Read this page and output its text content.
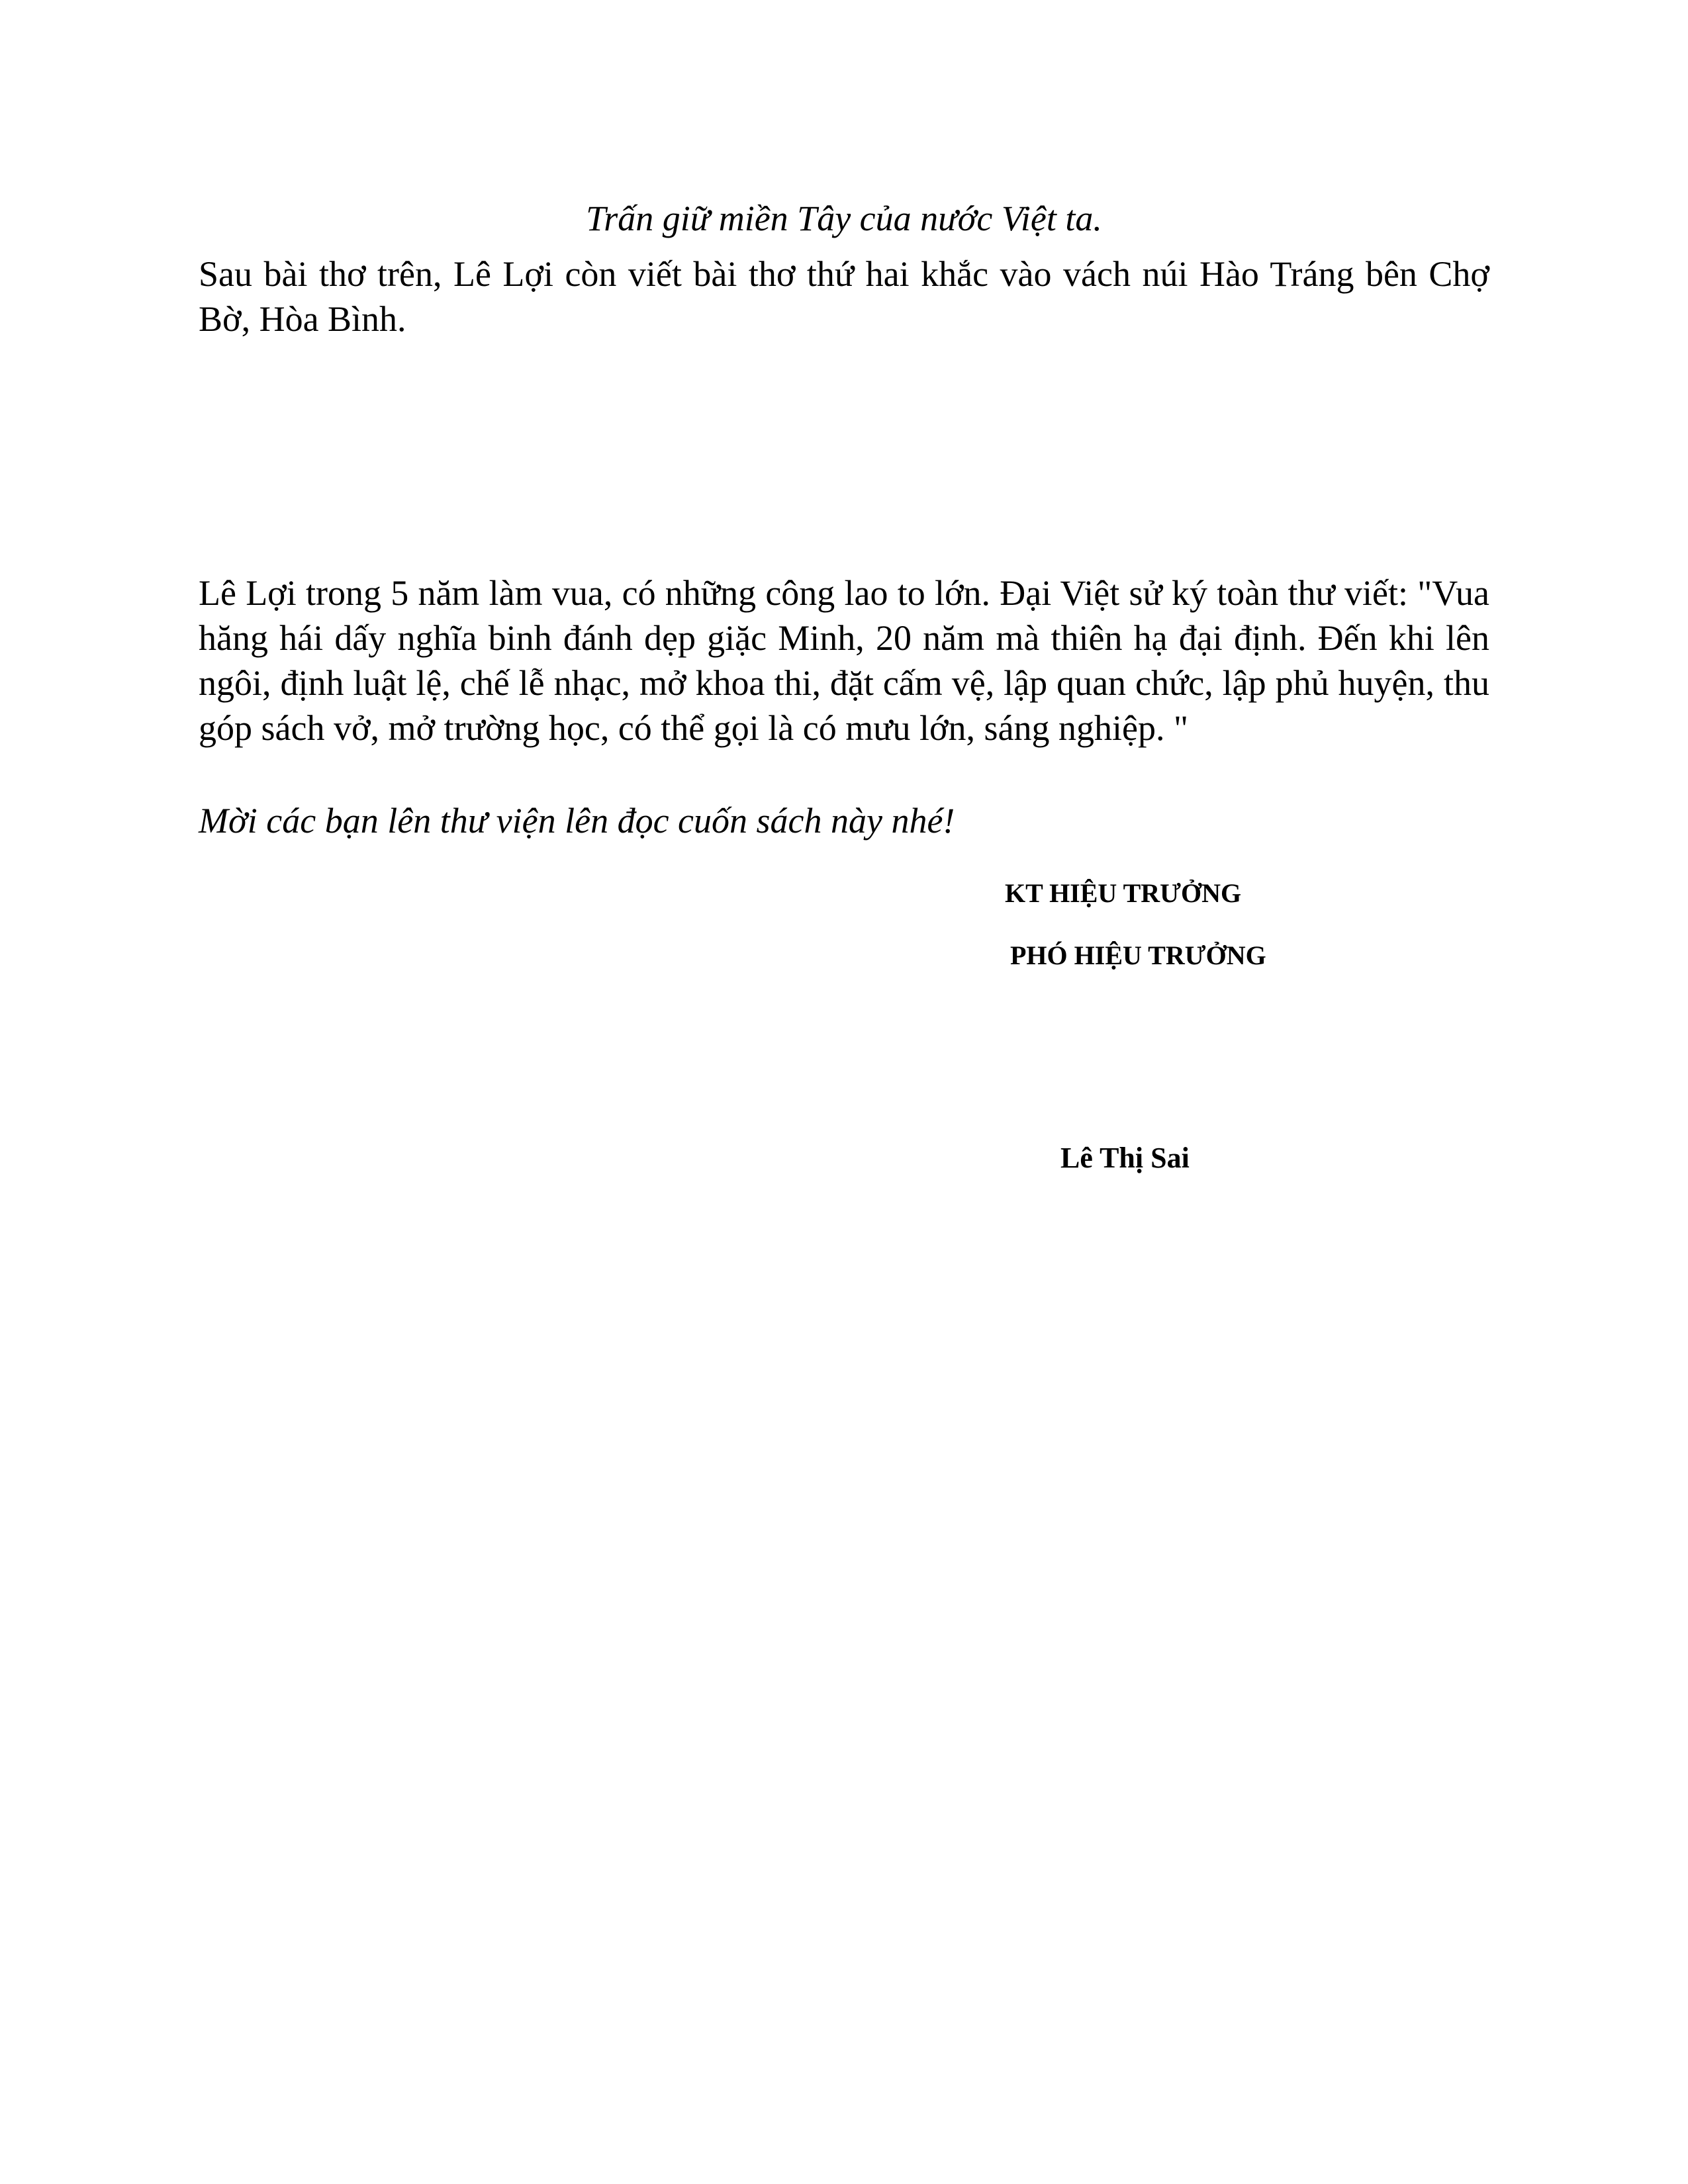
Trấn giữ miền Tây của nước Việt ta.
Sau bài thơ trên, Lê Lợi còn viết bài thơ thứ hai khắc vào vách núi Hào Tráng bên Chợ Bờ, Hòa Bình.
Lê Lợi trong 5 năm làm vua, có những công lao to lớn. Đại Việt sử ký toàn thư viết: "Vua hăng hái dấy nghĩa binh đánh dẹp giặc Minh, 20 năm mà thiên hạ đại định. Đến khi lên ngôi, định luật lệ, chế lễ nhạc, mở khoa thi, đặt cấm vệ, lập quan chức, lập phủ huyện, thu góp sách vở, mở trường học, có thể gọi là có mưu lớn, sáng nghiệp. "
Mời các bạn lên thư viện lên đọc cuốn sách này nhé!
KT HIỆU TRƯỞNG
PHÓ HIỆU TRƯỞNG
Lê Thị Sai
